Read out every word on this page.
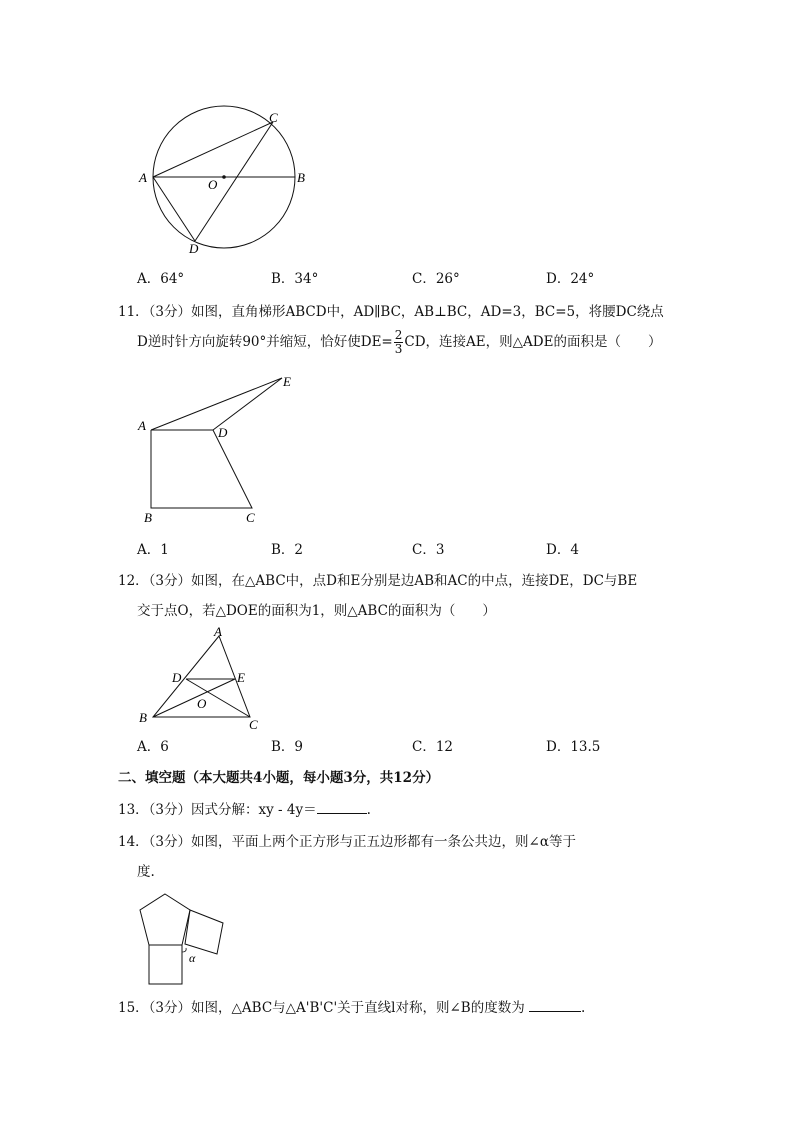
A	B
C
D
O
A．64°	B．34°	C．26°	D．24°
11．（3分）如图，直角梯形ABCD中，AD∥BC，AB⊥BC，AD=3，BC=5，将腰DC绕点
D逆时针方向旋转90°并缩短，恰好使$DE= \frac{2}{3}$ CD，连接AE，则△ADE的面积是（　　）
A
B	C
D
E
A．1	B．2	C．3	D．4
12．（3分）如图，在△ABC中，点D和E分别是边AB和AC的中点，连接DE，DC与BE
交于点O，若△DOE的面积为1，则△ABC的面积为（　　）
A
B	C
D	E
O
A．6	B．9	C．12	D．13.5
二、填空题（本大题共4小题，每小题3分，共12分）
13．（3分）因式分解：xy - 4y＝	.
14．（3分）如图，平面上两个正方形与正五边形都有一条公共边，则∠α等于
度.
α
15．（3分）如图，△ABC与△A'B'C'关于直线l对称，则∠B的度数为	.
